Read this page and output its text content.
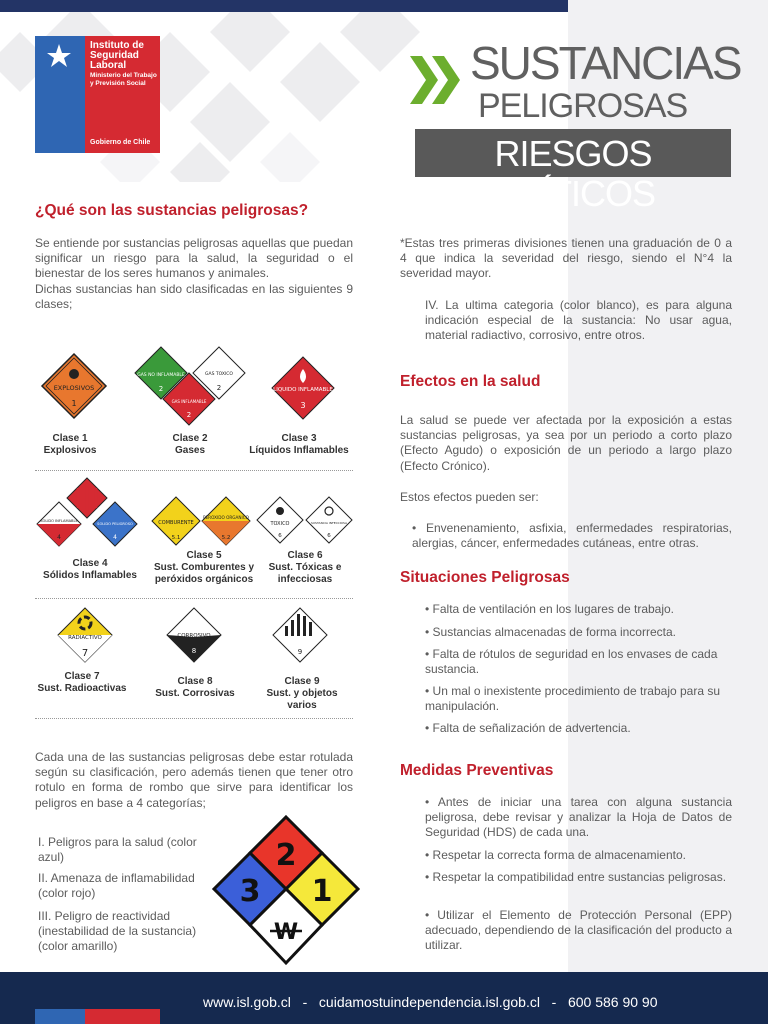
Instituto de Seguridad Laboral
Ministerio del Trabajo y Previsión Social
Gobierno de Chile
SUSTANCIAS
PELIGROSAS
RIESGOS CRÍTICOS
¿Qué son las sustancias peligrosas?
Se entiende por sustancias peligrosas aquellas que puedan significar un riesgo para la salud, la seguridad o el bienestar de los seres humanos y animales.
Dichas sustancias han sido clasificadas en las siguientes 9 clases;
EXPLOSIVOS
1
GAS NO INFLAMABLE
2
GAS TOXICO
2
GAS INFLAMABLE
2
LIQUIDO INFLAMABLE
3
Clase 1
Explosivos
Clase 2
Gases
Clase 3
Líquidos Inflamables
SOLIDO INFLAMABLE
4
SOLIDO PELIGROSO
4
COMBURENTE
5.1
PEROXIDO ORGANICO
5.2
TOXICO
6
SUSTANCIA INFECCIOSA
6
Clase 4
Sólidos Inflamables
Clase 5
Sust. Comburentes y peróxidos orgánicos
Clase 6
Sust. Tóxicas e infecciosas
RADIACTIVO
7
CORROSIVO
8	9
Clase 7
Sust. Radioactivas
Clase 8
Sust. Corrosivas
Clase 9
Sust. y objetos varios
Cada una de las sustancias peligrosas debe estar rotulada según su clasificación, pero además tienen que tener otro rotulo en forma de rombo que sirve para identificar los peligros en base a 4 categorías;
I. Peligros para la salud (color azul)
II. Amenaza de inflamabilidad (color rojo)
III. Peligro de reactividad (inestabilidad de la sustancia) (color amarillo)
2
3 1
W
*Estas tres primeras divisiones tienen una graduación de 0 a 4 que indica la severidad del riesgo, siendo el N°4 la severidad mayor.
IV. La ultima categoria (color blanco), es para alguna indicación especial de la sustancia: No usar agua, material radiactivo, corrosivo, entre otros.
Efectos en la salud
La salud se puede ver afectada por la exposición a estas sustancias peligrosas, ya sea por un periodo a corto plazo (Efecto Agudo) o exposición de un periodo a largo plazo (Efecto Crónico).
Estos efectos pueden ser:
• Envenenamiento, asfixia, enfermedades respiratorias, alergias, cáncer, enfermedades cutáneas, entre otras.
Situaciones Peligrosas
• Falta de ventilación en los lugares de trabajo.
• Sustancias almacenadas de forma incorrecta.
• Falta de rótulos de seguridad en los envases de cada sustancia.
• Un mal o inexistente procedimiento de trabajo para su manipulación.
• Falta de señalización de advertencia.
Medidas Preventivas
• Antes de iniciar una tarea con alguna sustancia peligrosa, debe revisar y analizar la Hoja de Datos de Seguridad (HDS) de cada una.
• Respetar la correcta forma de almacenamiento.
• Respetar la compatibilidad entre sustancias peligrosas.
• Utilizar el Elemento de Protección Personal (EPP) adecuado, dependiendo de la clasificación del producto a utilizar.
www.isl.gob.cl   -   cuidamostuindependencia.isl.gob.cl   -   600 586 90 90
